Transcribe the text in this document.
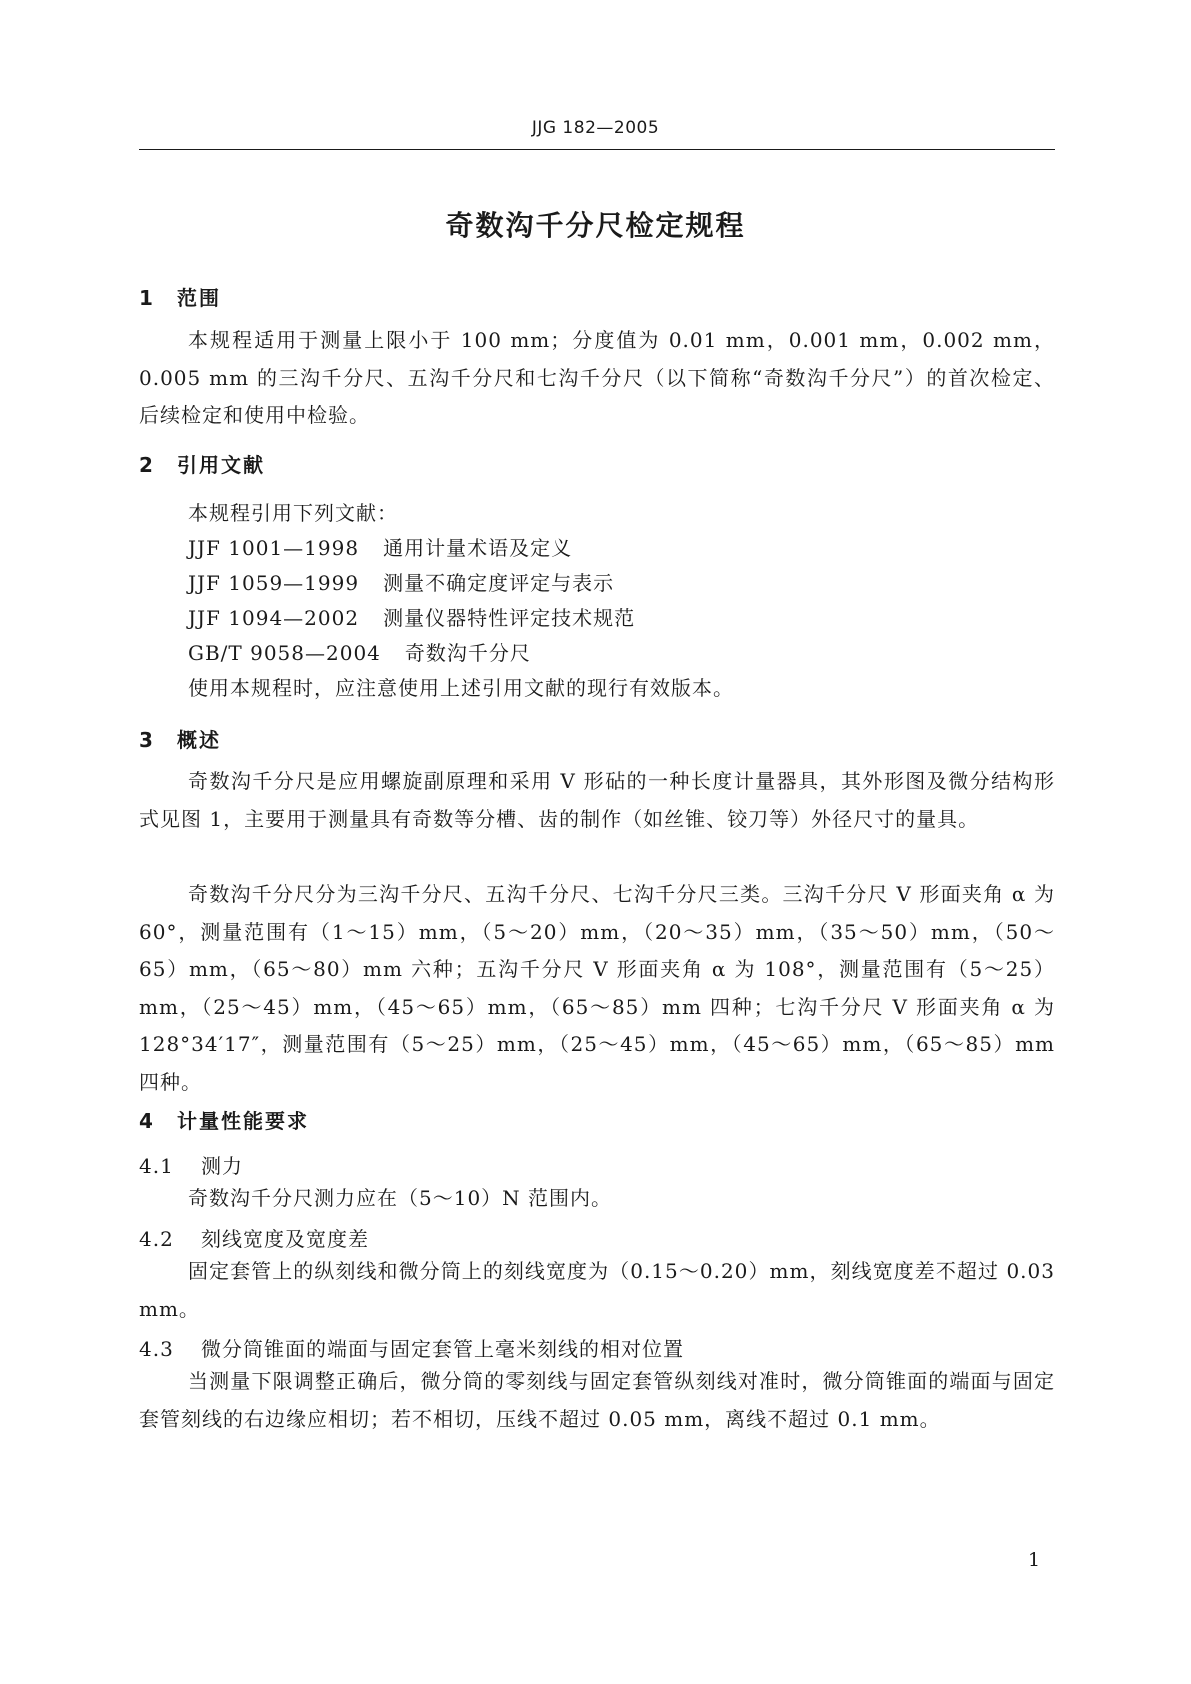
JJG 182—2005
奇数沟千分尺检定规程
1 范围
本规程适用于测量上限小于 100 mm；分度值为 0.01 mm，0.001 mm，0.002 mm，0.005 mm 的三沟千分尺、五沟千分尺和七沟千分尺（以下简称“奇数沟千分尺”）的首次检定、后续检定和使用中检验。
2 引用文献
本规程引用下列文献：
JJF 1001—1998 通用计量术语及定义
JJF 1059—1999 测量不确定度评定与表示
JJF 1094—2002 测量仪器特性评定技术规范
GB/T 9058—2004 奇数沟千分尺
使用本规程时，应注意使用上述引用文献的现行有效版本。
3 概述
奇数沟千分尺是应用螺旋副原理和采用 V 形砧的一种长度计量器具，其外形图及微分结构形式见图 1，主要用于测量具有奇数等分槽、齿的制作（如丝锥、铰刀等）外径尺寸的量具。
奇数沟千分尺分为三沟千分尺、五沟千分尺、七沟千分尺三类。三沟千分尺 V 形面夹角 α 为 60°，测量范围有（1～15）mm，（5～20）mm，（20～35）mm，（35～50）mm，（50～65）mm，（65～80）mm 六种；五沟千分尺 V 形面夹角 α 为 108°，测量范围有（5～25）mm，（25～45）mm，（45～65）mm，（65～85）mm 四种；七沟千分尺 V 形面夹角 α 为 128°34′17″，测量范围有（5～25）mm，（25～45）mm，（45～65）mm，（65～85）mm 四种。
4 计量性能要求
4.1 测力
奇数沟千分尺测力应在（5～10）N 范围内。
4.2 刻线宽度及宽度差
固定套管上的纵刻线和微分筒上的刻线宽度为（0.15～0.20）mm，刻线宽度差不超过 0.03 mm。
4.3 微分筒锥面的端面与固定套管上毫米刻线的相对位置
当测量下限调整正确后，微分筒的零刻线与固定套管纵刻线对准时，微分筒锥面的端面与固定套管刻线的右边缘应相切；若不相切，压线不超过 0.05 mm，离线不超过 0.1 mm。
1
